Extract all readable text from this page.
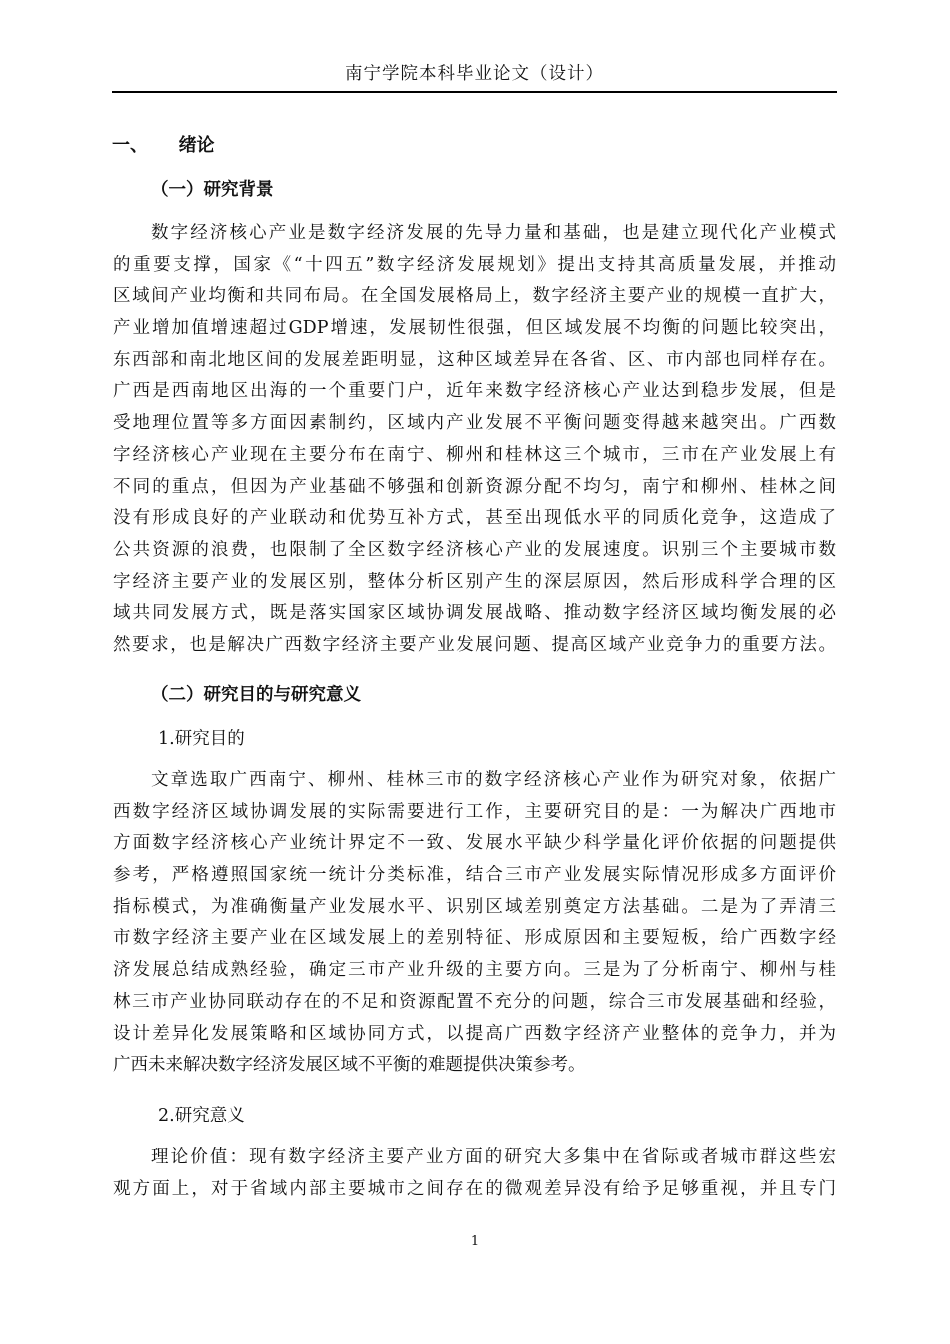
南宁学院本科毕业论文（设计）
一、 绪论
（一）研究背景
数字经济核心产业是数字经济发展的先导力量和基础，也是建立现代化产业模式
的重要支撑，国家《“十四五”数字经济发展规划》提出支持其高质量发展，并推动
区域间产业均衡和共同布局。在全国发展格局上，数字经济主要产业的规模一直扩大，
产业增加值增速超过GDP增速，发展韧性很强，但区域发展不均衡的问题比较突出，
东西部和南北地区间的发展差距明显，这种区域差异在各省、区、市内部也同样存在。
广西是西南地区出海的一个重要门户，近年来数字经济核心产业达到稳步发展，但是
受地理位置等多方面因素制约，区域内产业发展不平衡问题变得越来越突出。广西数
字经济核心产业现在主要分布在南宁、柳州和桂林这三个城市，三市在产业发展上有
不同的重点，但因为产业基础不够强和创新资源分配不均匀，南宁和柳州、桂林之间
没有形成良好的产业联动和优势互补方式，甚至出现低水平的同质化竞争，这造成了
公共资源的浪费，也限制了全区数字经济核心产业的发展速度。识别三个主要城市数
字经济主要产业的发展区别，整体分析区别产生的深层原因，然后形成科学合理的区
域共同发展方式，既是落实国家区域协调发展战略、推动数字经济区域均衡发展的必
然要求，也是解决广西数字经济主要产业发展问题、提高区域产业竞争力的重要方法。
（二）研究目的与研究意义
1.研究目的
文章选取广西南宁、柳州、桂林三市的数字经济核心产业作为研究对象，依据广
西数字经济区域协调发展的实际需要进行工作，主要研究目的是：一为解决广西地市
方面数字经济核心产业统计界定不一致、发展水平缺少科学量化评价依据的问题提供
参考，严格遵照国家统一统计分类标准，结合三市产业发展实际情况形成多方面评价
指标模式，为准确衡量产业发展水平、识别区域差别奠定方法基础。二是为了弄清三
市数字经济主要产业在区域发展上的差别特征、形成原因和主要短板，给广西数字经
济发展总结成熟经验，确定三市产业升级的主要方向。三是为了分析南宁、柳州与桂
林三市产业协同联动存在的不足和资源配置不充分的问题，综合三市发展基础和经验，
设计差异化发展策略和区域协同方式，以提高广西数字经济产业整体的竞争力，并为
广西未来解决数字经济发展区域不平衡的难题提供决策参考。
2.研究意义
理论价值：现有数字经济主要产业方面的研究大多集中在省际或者城市群这些宏
观方面上，对于省域内部主要城市之间存在的微观差异没有给予足够重视，并且专门
1
